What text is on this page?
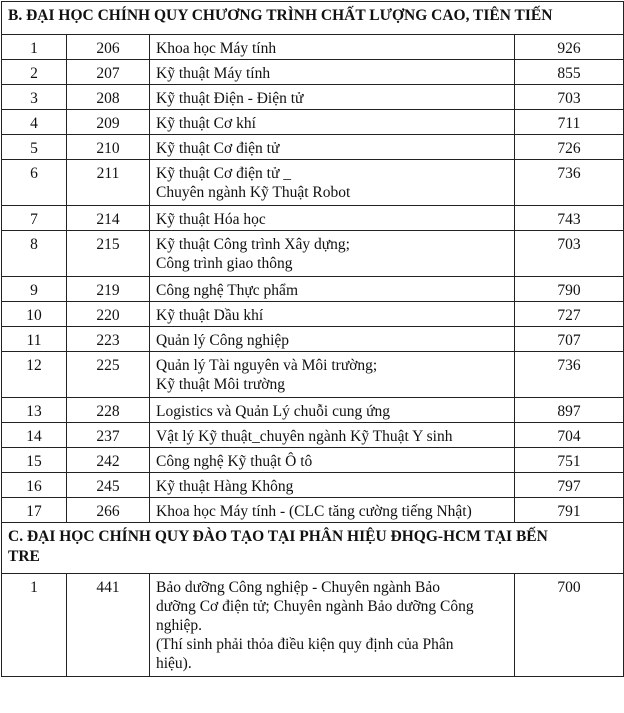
B. ĐẠI HỌC CHÍNH QUY CHƯƠNG TRÌNH CHẤT LƯỢNG CAO, TIÊN TIẾN			
1	206	Khoa học Máy tính	926
2	207	Kỹ thuật Máy tính	855
3	208	Kỹ thuật Điện - Điện tử	703
4	209	Kỹ thuật Cơ khí	711
5	210	Kỹ thuật Cơ điện tử	726
6	211	Kỹ thuật Cơ điện tử _
Chuyên ngành Kỹ Thuật Robot	736
7	214	Kỹ thuật Hóa học	743
8	215	Kỹ thuật Công trình Xây dựng;
Công trình giao thông	703
9	219	Công nghệ Thực phẩm	790
10	220	Kỹ thuật Dầu khí	727
11	223	Quản lý Công nghiệp	707
12	225	Quản lý Tài nguyên và Môi trường;
Kỹ thuật Môi trường	736
13	228	Logistics và Quản Lý chuỗi cung ứng	897
14	237	Vật lý Kỹ thuật_chuyên ngành Kỹ Thuật Y sinh	704
15	242	Công nghệ Kỹ thuật Ô tô	751
16	245	Kỹ thuật Hàng Không	797
17	266	Khoa học Máy tính - (CLC tăng cường tiếng Nhật)	791

C. ĐẠI HỌC CHÍNH QUY ĐÀO TẠO TẠI PHÂN HIỆU ĐHQG-HCM TẠI BẾN
TRE			

1	441	Bảo dưỡng Công nghiệp - Chuyên ngành Bảo
dưỡng Cơ điện tử; Chuyên ngành Bảo dưỡng Công
nghiệp.
(Thí sinh phải thỏa điều kiện quy định của Phân
hiệu).	700
